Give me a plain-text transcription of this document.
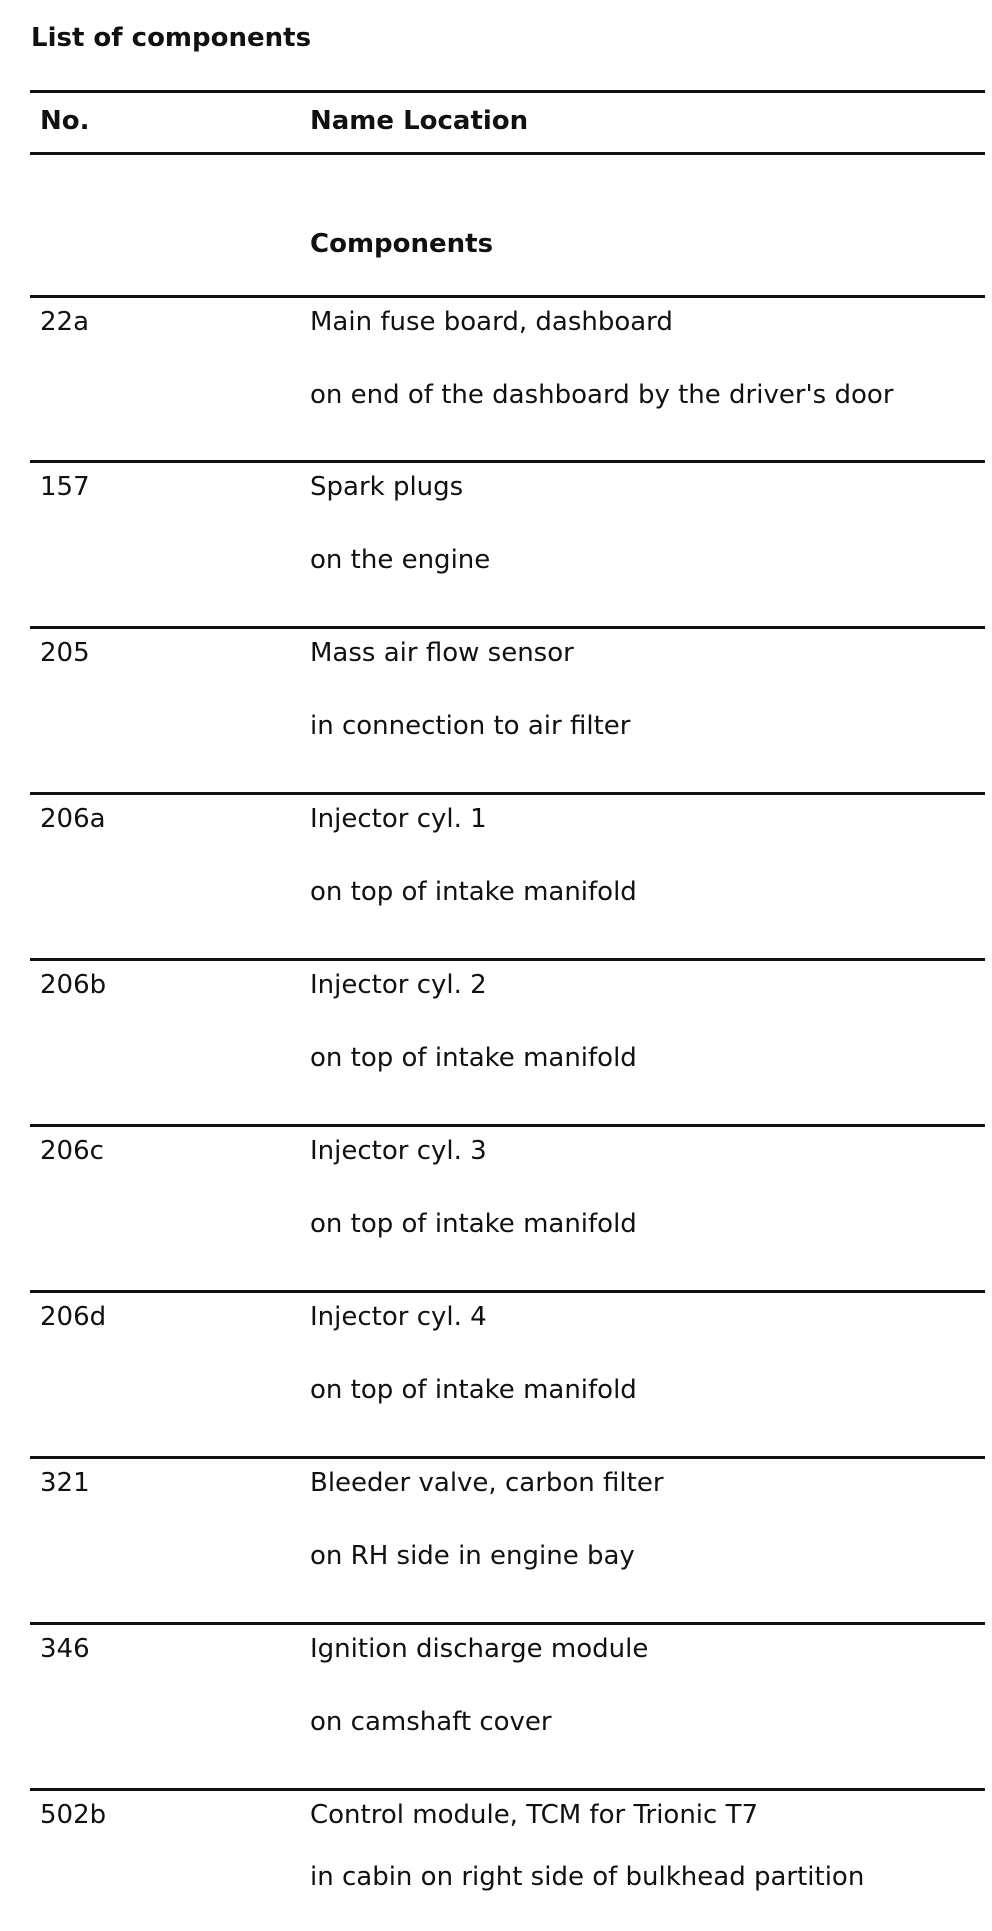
List of components
No.	Name Location
Components
22a	Main fuse board, dashboard
on end of the dashboard by the driver's door
157	Spark plugs
on the engine
205	Mass air flow sensor
in connection to air filter
206a	Injector cyl. 1
on top of intake manifold
206b	Injector cyl. 2
on top of intake manifold
206c	Injector cyl. 3
on top of intake manifold
206d	Injector cyl. 4
on top of intake manifold
321	Bleeder valve, carbon filter
on RH side in engine bay
346	Ignition discharge module
on camshaft cover
502b	Control module, TCM for Trionic T7
in cabin on right side of bulkhead partition
